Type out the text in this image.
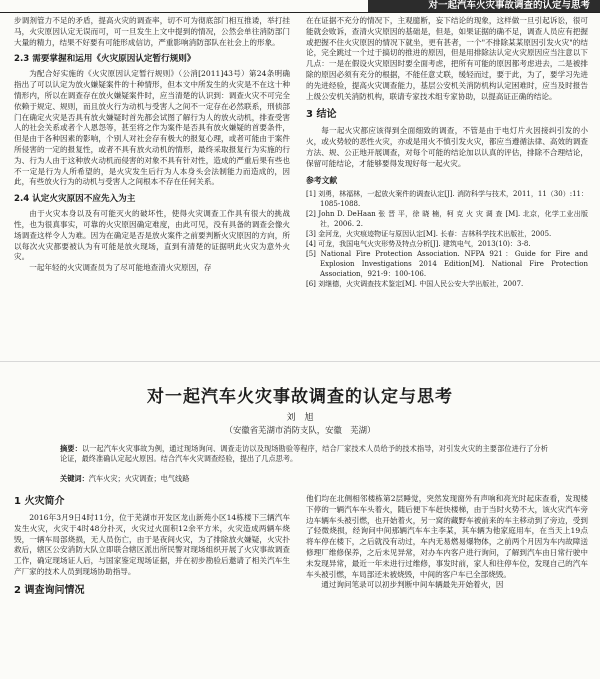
对一起汽车火灾事故调查的认定与思考

步调剂管力不足的矛盾，提高火灾的调查率，切不可为彻底部门相互推诿，举打挂马，火灾原因认定无误而可，可一旦发生上文中提到的情况，公然会单往消防部门大量的精力，结果不好要有可能形成信访，严重影响消防部队在社会上的形象。

2.3 需要掌握和运用《火灾原因认定暂行规则》

为配合好实施的《火灾原因认定暂行规则》（公消[2011]43号）第24条明确指出了可以认定为放火嫌疑案件的十种情形，但本文中所发生的火灾是不在这十种情形内，所以在调查存在放火嫌疑案件时，应当清楚的认识到：调查火灾不可完全依赖于规定、规则，而且放火行为动机与受害人之间不一定存在必然联系，刑侦部门在确定火灾是否具有放火嫌疑时首先都会试图了解行为人的放火动机，排查受害人的社会关系或者个人恩怨等，甚至将之作为案件是否具有放火嫌疑的首要条件，但是由于各种因素的影响，个别人对社会存有极大的报复心理，或者可能由于案件所侵害的一定的报复性，或者不具有放火动机的情形，最终采取报复行为实施的行为、行为人由于这种放火动机而侵害的对象不具有针对性，造成的严重后果有些也不一定是行为人所希望的，是火灾发生后行为人本身头会法制能力而造成的，因此，有些放火行为的动机与受害人之间根本不存在任何关系。

2.4 认定火灾原因不应先入为主

由于火灾本身以及有可能灭火的破坏性，使得火灾调查工作具有很大的挑战性，也为很真事实，可靠的火灾原因确定难度，由此可见，没有具备的调查会像火场调查这样令人为难。因为在确定是否是放火案件之前要判断火灾原因的方向，所以每次火灾都要被认为有可能是放火现场，直到有清楚的证据明此火灾为意外火灾。

一起年轻的火灾调查员为了尽可能地查清火灾原因，存

在在证据不充分的情况下，主观臆断，妄下结论的现象，这样做一旦引起诉讼，很可能就会败诉，查清火灾原因的基础是，但是，如果证据的确不足，调查人员应有把握或把握不住火灾原因的情况下就坐，更有甚者，一个"不排除某某原因引发火灾"的结论，完全跳过一个过于搞切的推进的原因，但是用排除法认定火灾原因应当注意以下几点：一是在假设火灾原因时要全面考虑，把所有可能的原因都考虑进去，二是被排除的原因必须有充分的根据，不能任意丈联，缓轻而过，要于此，为了，要学习先进的先进经验，提高火灾调查能力，基层公安机关消防机构认定困难时，应当及时报告上级公安机关消防机构，联请专家技术组专家协助，以提高证正确的结论。

3 结论

每一起火灾都应该得到全面细致的调查，不管是由于电灯片火因接纠引发的小火，或火势较的恶性火灾，亦或是用火不慎引发火灾，都应当遵循法律、高效的调查方法、规、公正地开展调查，对每个可能的结论加以认真的评估，排除不合理结论，保留可能结论，才能够要得发现好每一起火灾。

参考文献
[1] 刘勇，林福林，一起放火案件的调查认定[J]. 消防科学与技术，2011，11（30）:11：1085-1088.
[2] John D. DeHaan 张 晋 平，徐 晓 楠，柯 克 火 灾 调 查 [M]. 北京，化学工业出版社，2006. 2.
[3] 金河龙，火灾痕迹物证与原因认定[M]. 长春：吉林科学技术出版社，2005.
[4] 可龙，我国电气火灾形势及特点分析[J]. 建筑电气，2013(10)：3-8.
[5] National Fire Protection Association. NFPA 921：Guide for Fire and Explosion Investigations 2014 Edition[M]. National Fire Protection Association，921-9：100-106.
[6] 刘继德，火灾调查技术鉴定[M]. 中国人民公安大学出版社，2007.
对一起汽车火灾事故调查的认定与思考
刘　旭
（安徽省芜湖市消防支队，安徽　芜湖）
摘要：以一起汽车火灾事故为例，通过现场询问、调查走访以及现场勘验等程序，结合厂家技术人员给予的技术指导，对引发火灾的主要部位进行了分析论证，最终准确认定起火原因。结合汽车火灾调查经验，提出了几点思考。
关键词：汽车火灾；火灾调查；电气线路
1 火灾简介

2016年3月9日4时11分，位于芜湖市开发区龙山新苑小区14栋楼下三辆汽车发生火灾，火灾于4时48分扑灭，火灾过火面积12余平方米，火灾造成两辆车烧毁，一辆车局部烧损，无人员伤亡，由于是夜间火灾，为了排除放火嫌疑，火灾扑救后，辖区公安消防大队立即联合辖区派出所民警对现场组织开展了火灾事故调查工作，确定现场证人后，与国家鉴定现场证据，并在初步勘验后邀请了相关汽车生产厂家的技术人员到现场协助指导。

2 调查询问情况

他们均在北侧相邻楼栋第2层睡觉，突然发现窗外有声响和亮光时起床查看，发现楼下停的一辆汽车车头着火，随后便下车赶快楼梯，由于当时火势不大，该火灾汽车旁边车辆车头被引燃，也开始着火，另一窝的藏野车被前来的车主移动到了旁边，受到了轻微烧损，经询问中间那辆汽车车主李某，其车辆为他家庭用车，在当天上19点将车停在楼下，之后就没有动过，车内无易燃易爆物体，之前两个月因为车内故障送修理厂维修保养，之后未见异常，对办车内客户进行询问，了解到汽车由日常行驶中未发现异常，最近一年未进行过维修，事发时前，家人和往停车位，发现自己的汽车车头被引燃，车局部还未被烧毁，中间的客户车已全部烧毁。

通过询问笔录可以初步判断中间车辆最先开始着火，因
